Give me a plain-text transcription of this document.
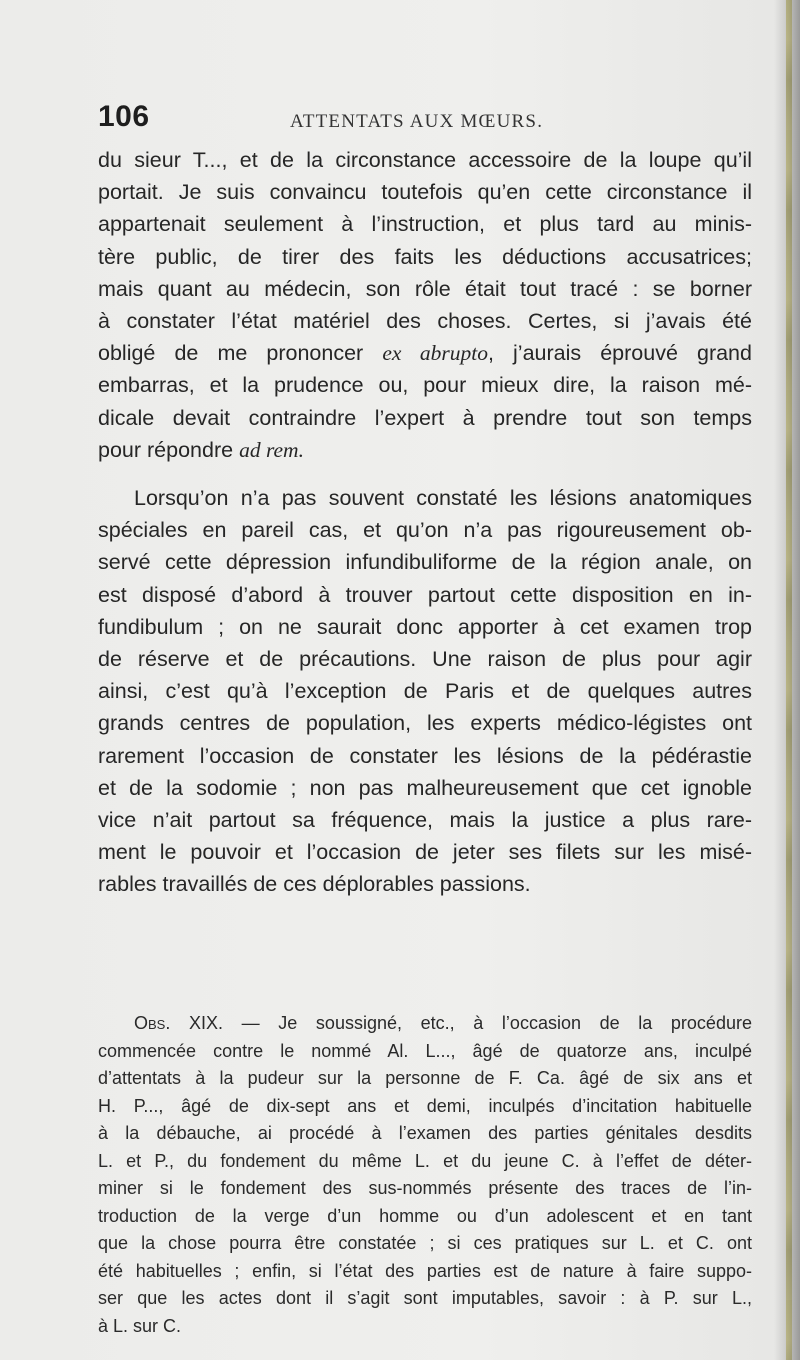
106	ATTENTATS AUX MŒURS.

du sieur T..., et de la circonstance accessoire de la loupe qu’il
portait. Je suis convaincu toutefois qu’en cette circonstance il
appartenait seulement à l’instruction, et plus tard au minis-
tère public, de tirer des faits les déductions accusatrices;
mais quant au médecin, son rôle était tout tracé : se borner
à constater l’état matériel des choses. Certes, si j’avais été
obligé de me prononcer ex abrupto, j’aurais éprouvé grand
embarras, et la prudence ou, pour mieux dire, la raison mé-
dicale devait contraindre l’expert à prendre tout son temps
pour répondre ad rem.

Lorsqu’on n’a pas souvent constaté les lésions anatomiques
spéciales en pareil cas, et qu’on n’a pas rigoureusement ob-
servé cette dépression infundibuliforme de la région anale, on
est disposé d’abord à trouver partout cette disposition en in-
fundibulum ; on ne saurait donc apporter à cet examen trop
de réserve et de précautions. Une raison de plus pour agir
ainsi, c’est qu’à l’exception de Paris et de quelques autres
grands centres de population, les experts médico-légistes ont
rarement l’occasion de constater les lésions de la pédérastie
et de la sodomie ; non pas malheureusement que cet ignoble
vice n’ait partout sa fréquence, mais la justice a plus rare-
ment le pouvoir et l’occasion de jeter ses filets sur les misé-
rables travaillés de ces déplorables passions.

Obs. XIX. — Je soussigné, etc., à l’occasion de la procédure
commencée contre le nommé Al. L..., âgé de quatorze ans, inculpé
d’attentats à la pudeur sur la personne de F. Ca. âgé de six ans et
H. P..., âgé de dix-sept ans et demi, inculpés d’incitation habituelle
à la débauche, ai procédé à l’examen des parties génitales desdits
L. et P., du fondement du même L. et du jeune C. à l’effet de déter-
miner si le fondement des sus-nommés présente des traces de l’in-
troduction de la verge d’un homme ou d’un adolescent et en tant
que la chose pourra être constatée ; si ces pratiques sur L. et C. ont
été habituelles ; enfin, si l’état des parties est de nature à faire suppo-
ser que les actes dont il s’agit sont imputables, savoir : à P. sur L.,
à L. sur C.
